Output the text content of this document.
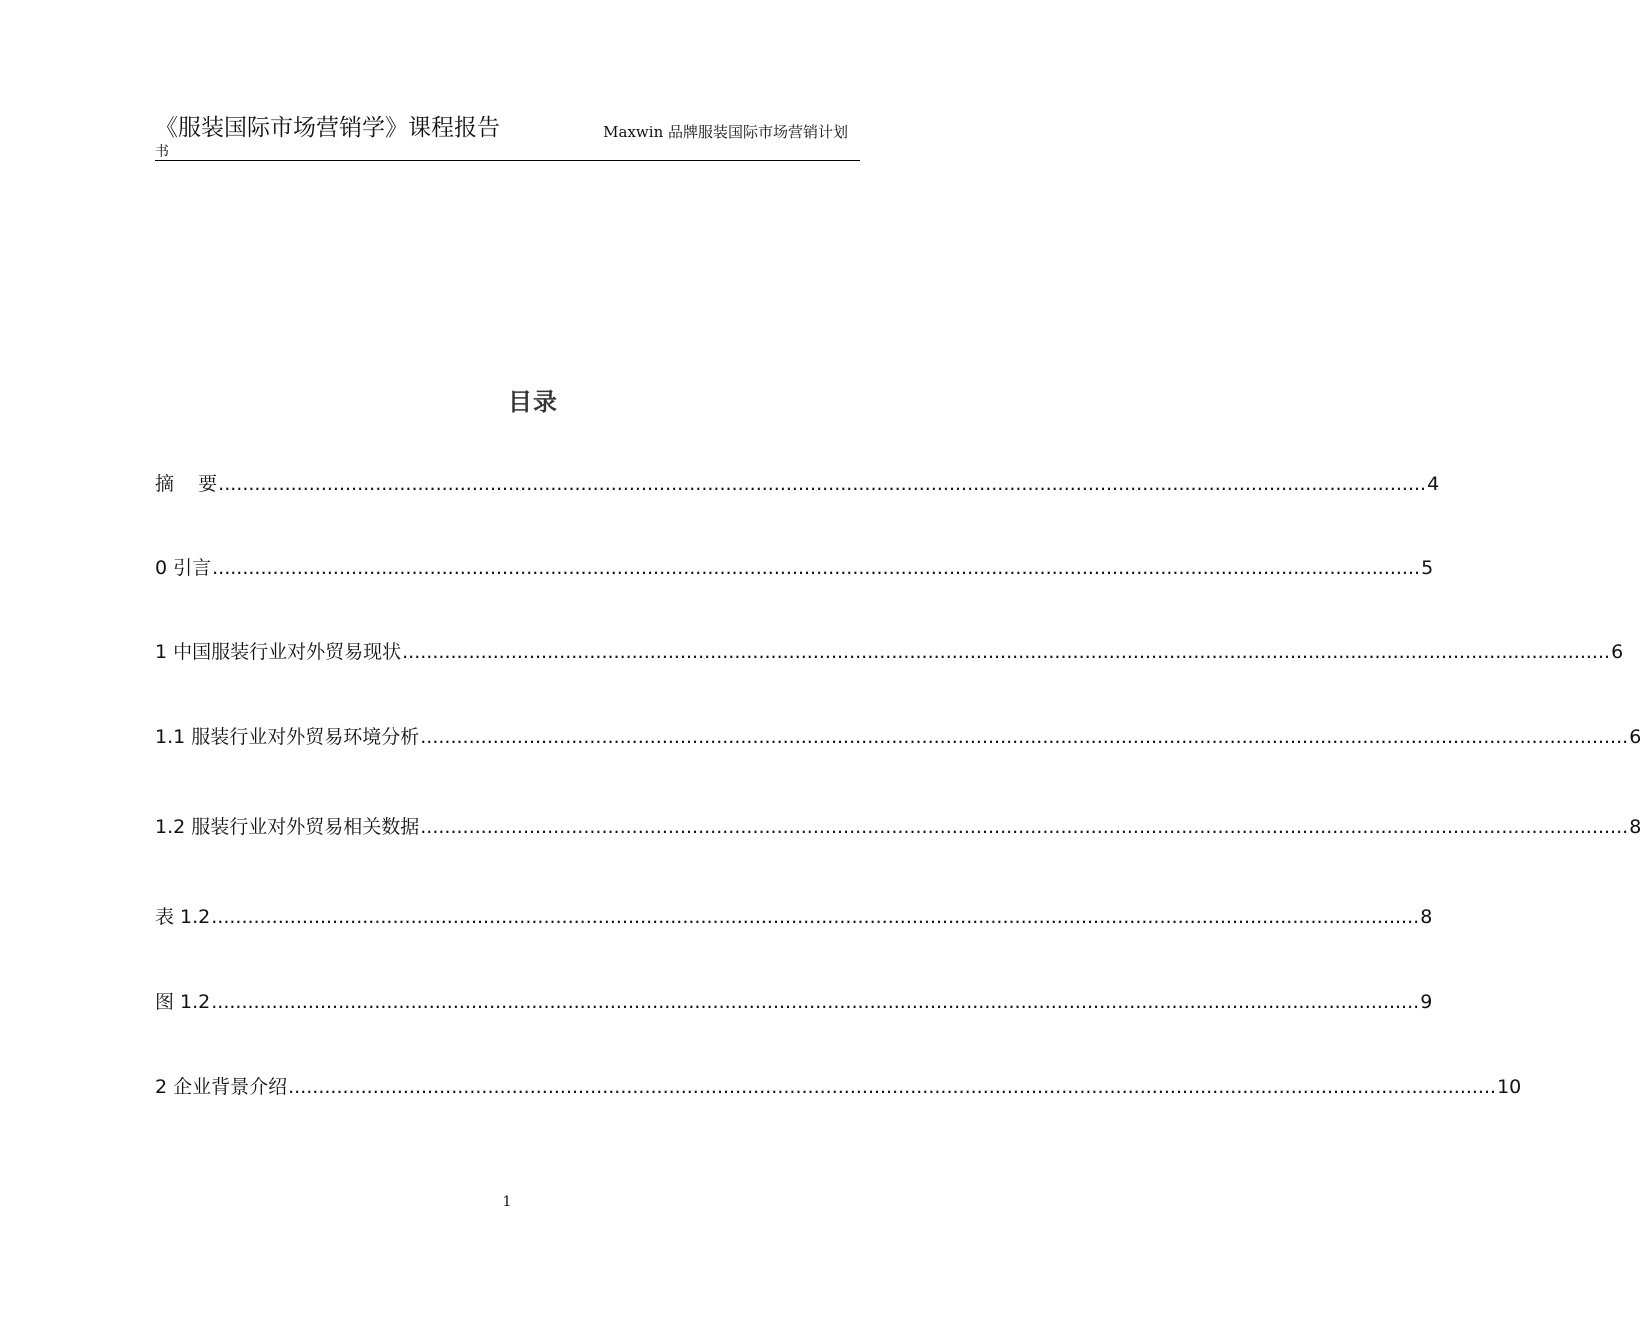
《服装国际市场营销学》课程报告	Maxwin 品牌服装国际市场营销计划
书
目录
摘    要 ........................................................................................................................................................................................................ 4
0 引言 ........................................................................................................................................................................................................ 5
1 中国服装行业对外贸易现状 ........................................................................................................................................................................................................ 6
1.1 服装行业对外贸易环境分析 ........................................................................................................................................................................................................ 6
1.2 服装行业对外贸易相关数据 ........................................................................................................................................................................................................ 8
表 1.2 ........................................................................................................................................................................................................ 8
图 1.2 ........................................................................................................................................................................................................ 9
2 企业背景介绍 ........................................................................................................................................................................................................ 10
1
